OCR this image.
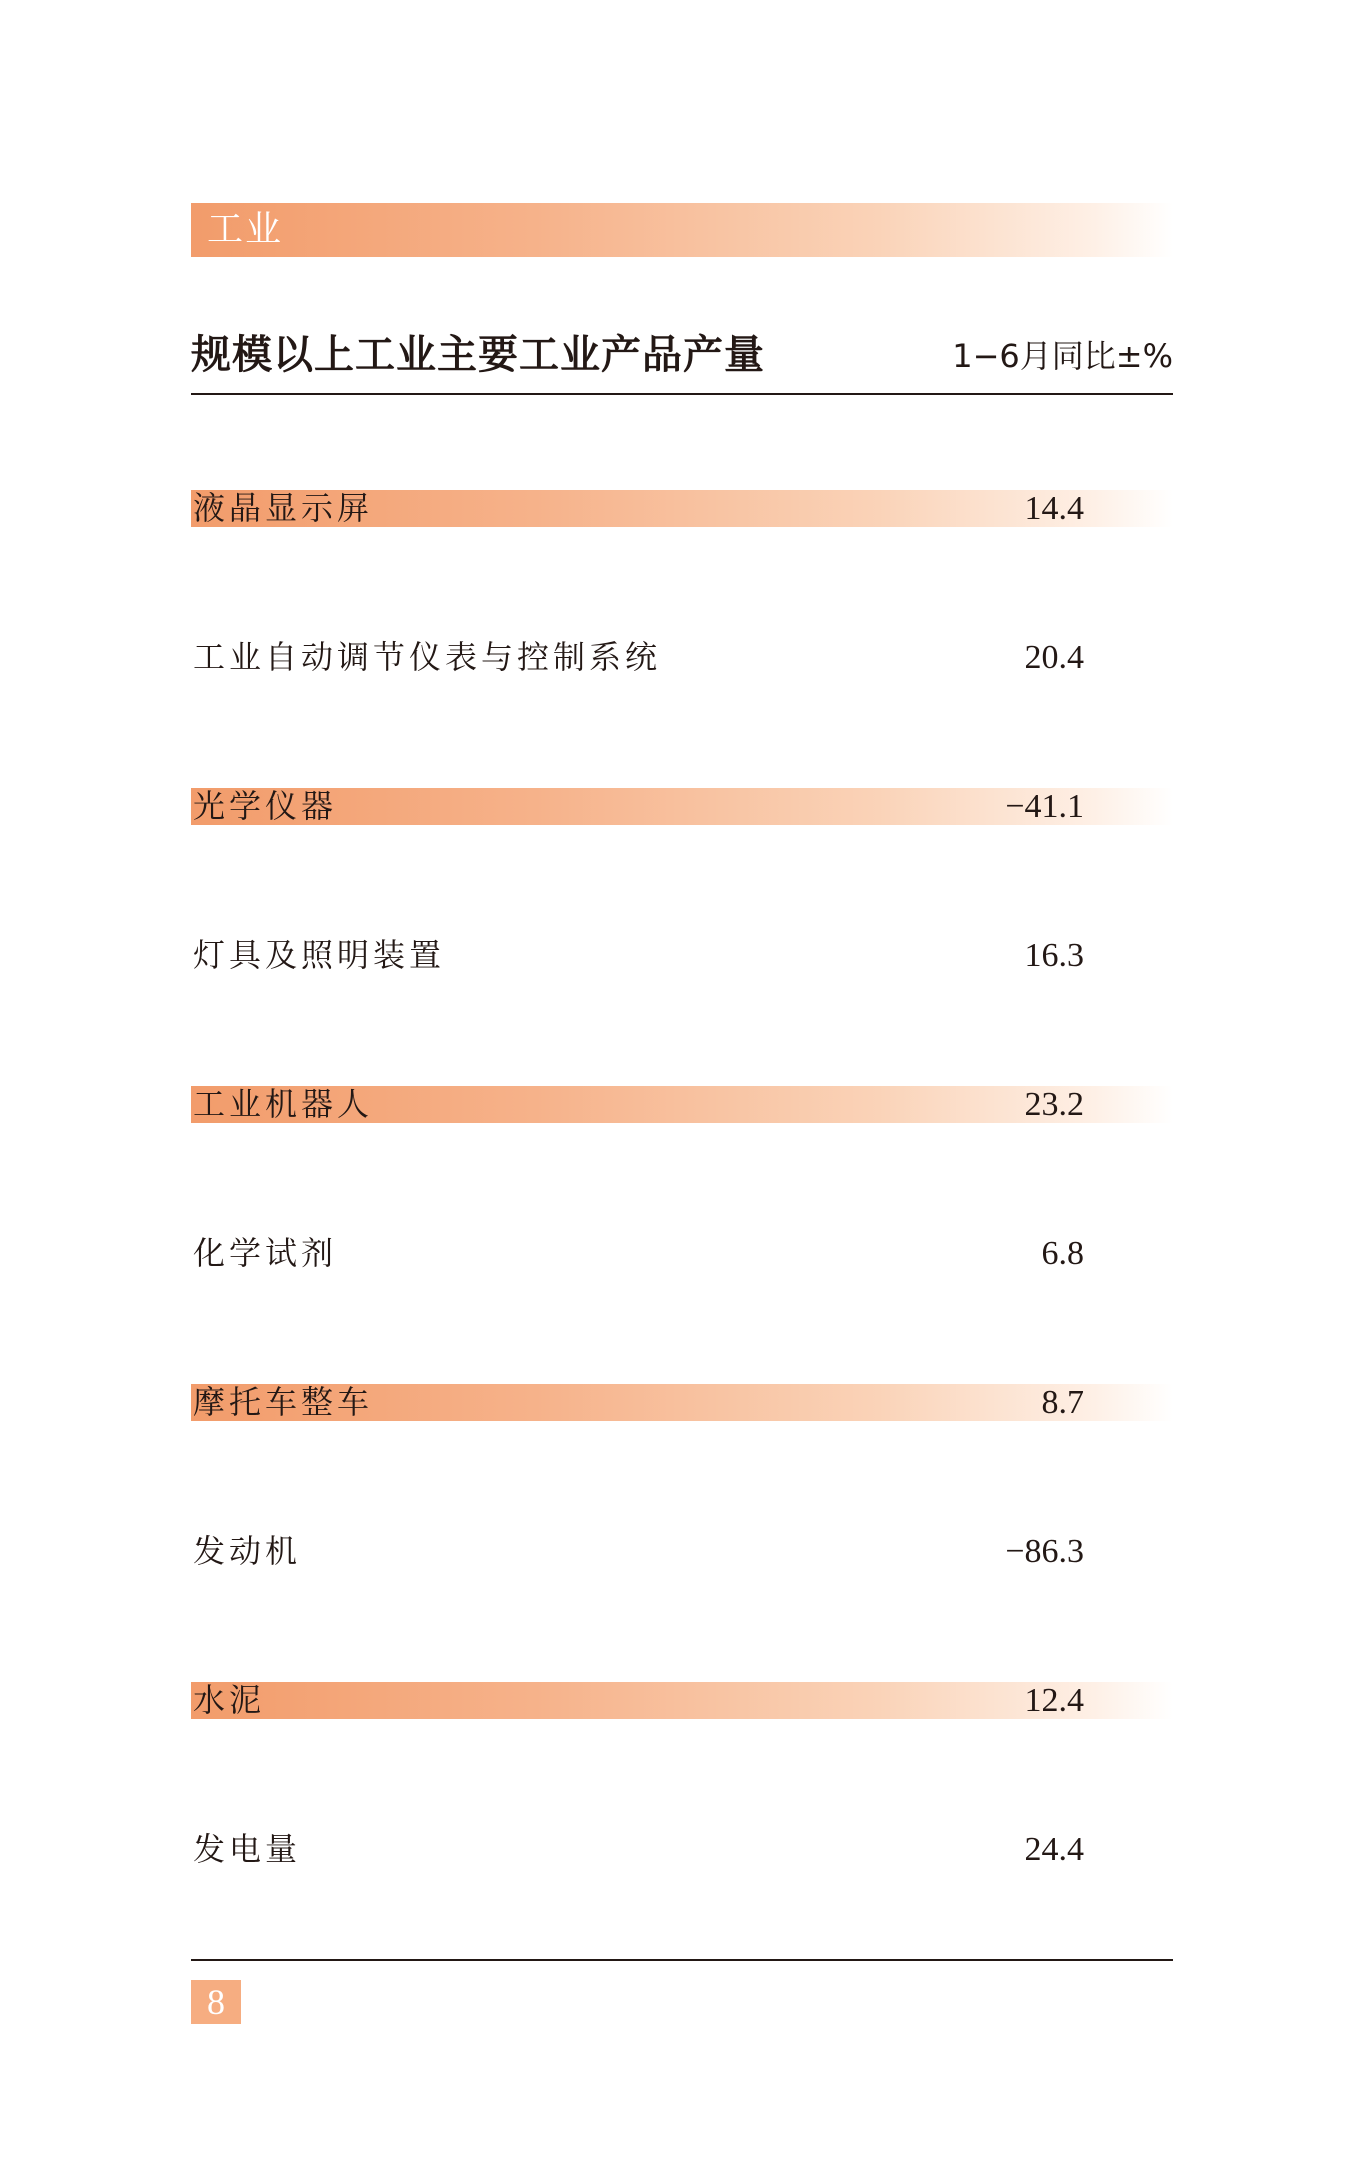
工业
规模以上工业主要工业产品产量	1−6月同比±%
液晶显示屏	14.4
工业自动调节仪表与控制系统	20.4
光学仪器	−41.1
灯具及照明装置	16.3
工业机器人	23.2
化学试剂	6.8
摩托车整车	8.7
发动机	−86.3
水泥	12.4
发电量	24.4
8
